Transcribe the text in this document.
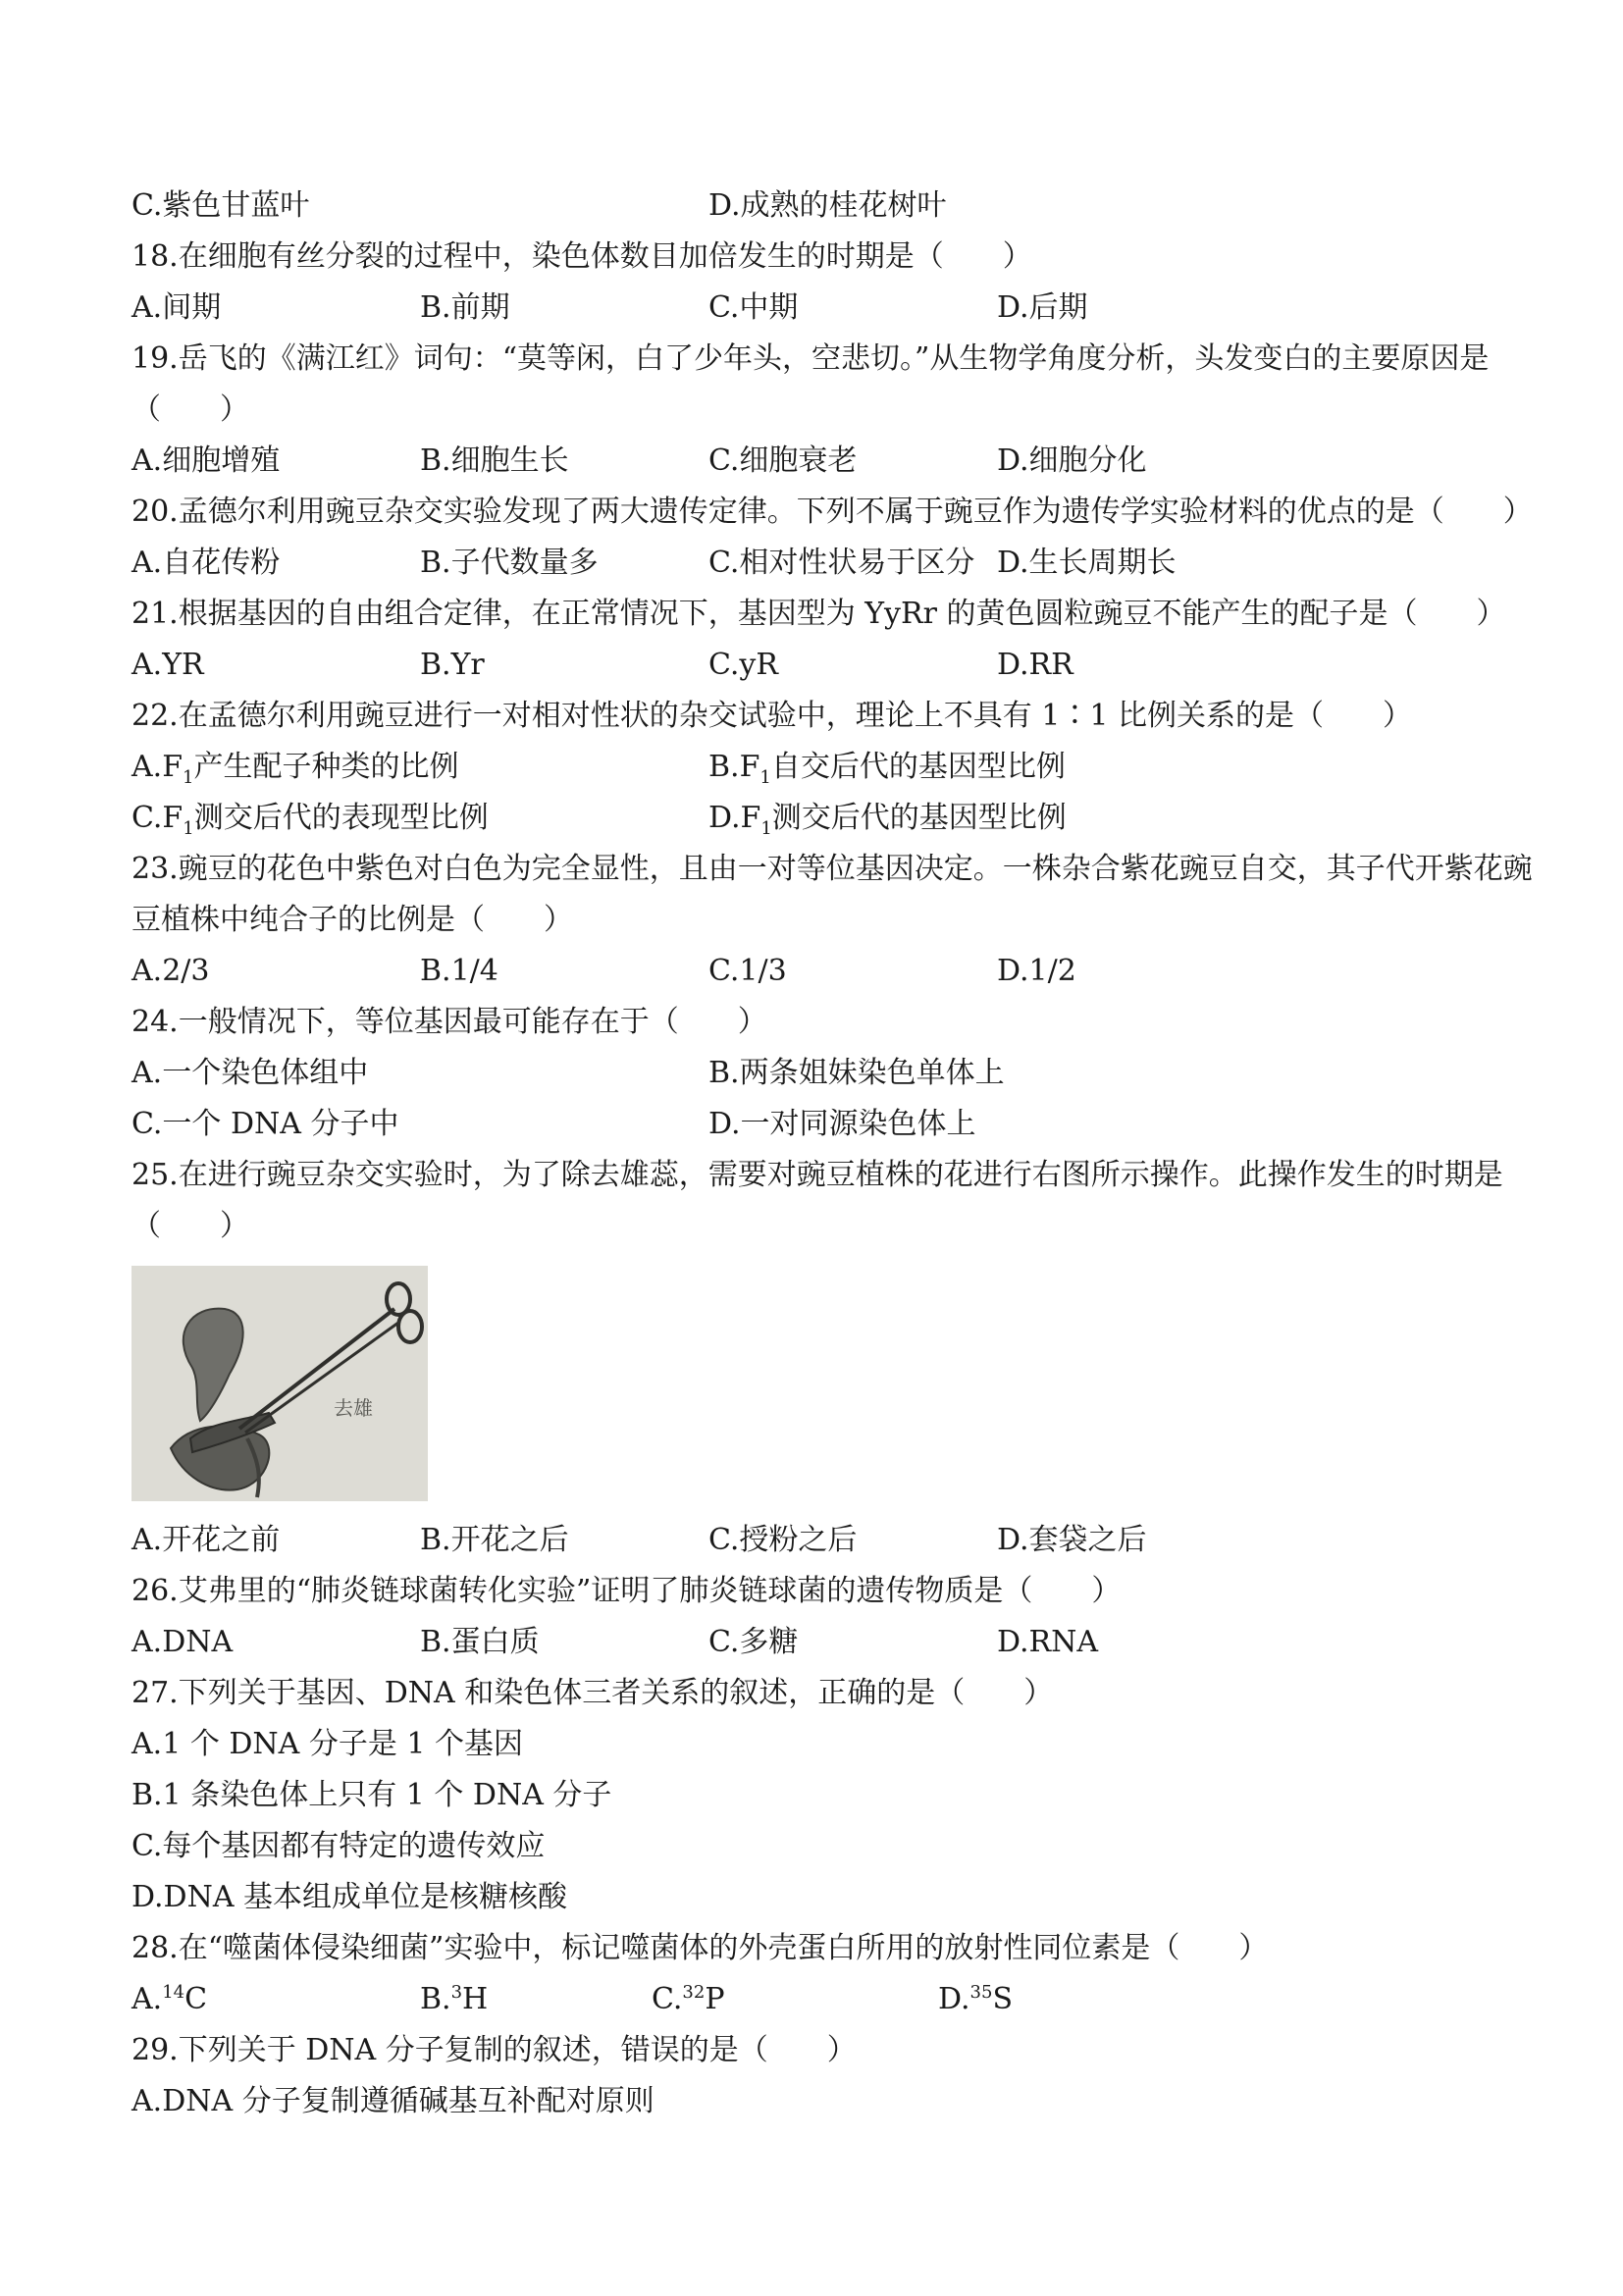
C.紫色甘蓝叶	D.成熟的桂花树叶
18.在细胞有丝分裂的过程中，染色体数目加倍发生的时期是（　　）
A.间期	B.前期	C.中期	D.后期
19.岳飞的《满江红》词句：“莫等闲，白了少年头，空悲切。”从生物学角度分析，头发变白的主要原因是
（　　）
A.细胞增殖	B.细胞生长	C.细胞衰老	D.细胞分化
20.孟德尔利用豌豆杂交实验发现了两大遗传定律。下列不属于豌豆作为遗传学实验材料的优点的是（　　）
A.自花传粉	B.子代数量多	C.相对性状易于区分 D.生长周期长
21.根据基因的自由组合定律，在正常情况下，基因型为 YyRr 的黄色圆粒豌豆不能产生的配子是（　　）
A.YR	B.Yr	C.yR	D.RR
22.在孟德尔利用豌豆进行一对相对性状的杂交试验中，理论上不具有 1∶1 比例关系的是（　　）
$A.F_1$产生配子种类的比例	$B.F_1$自交后代的基因型比例
$C.F_1$测交后代的表现型比例	$D.F_1$测交后代的基因型比例
23.豌豆的花色中紫色对白色为完全显性，且由一对等位基因决定。一株杂合紫花豌豆自交，其子代开紫花豌
豆植株中纯合子的比例是（　　）
A.2/3	B.1/4	C.1/3	D.1/2
24.一般情况下，等位基因最可能存在于（　　）
A.一个染色体组中	B.两条姐妹染色单体上
C.一个 DNA 分子中	D.一对同源染色体上
25.在进行豌豆杂交实验时，为了除去雄蕊，需要对豌豆植株的花进行右图所示操作。此操作发生的时期是
（　　）
去雄
A.开花之前	B.开花之后	C.授粉之后	D.套袋之后
26.艾弗里的“肺炎链球菌转化实验”证明了肺炎链球菌的遗传物质是（　　）
A.DNA	B.蛋白质	C.多糖	D.RNA
27.下列关于基因、DNA 和染色体三者关系的叙述，正确的是（　　）
A.1 个 DNA 分子是 1 个基因
B.1 条染色体上只有 1 个 DNA 分子
C.每个基因都有特定的遗传效应
D.DNA 基本组成单位是核糖核酸
28.在“噬菌体侵染细菌”实验中，标记噬菌体的外壳蛋白所用的放射性同位素是（　　）
A.$^{14}$C	B.$^3$H	C.$^{32}$P	D.$^{35}$S
29.下列关于 DNA 分子复制的叙述，错误的是（　　）
A.DNA 分子复制遵循碱基互补配对原则
